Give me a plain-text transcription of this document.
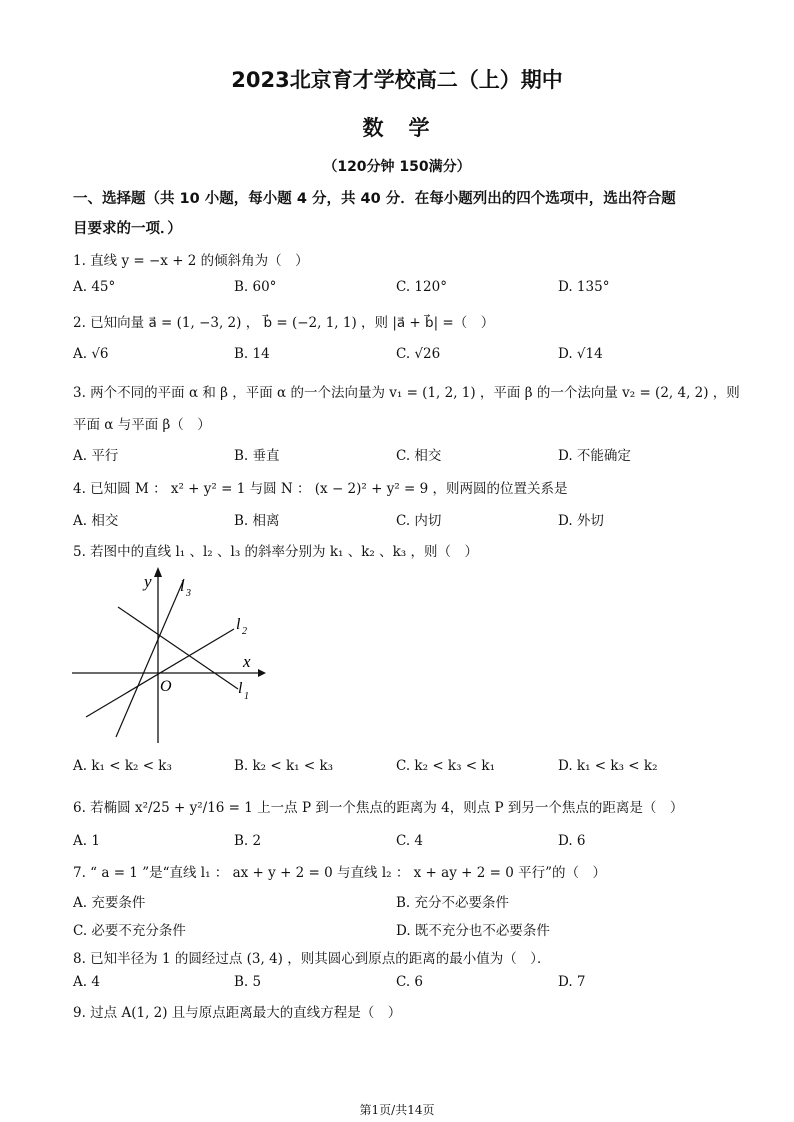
2023北京育才学校高二（上）期中
数　学
（120分钟 150满分）
一、选择题（共 10 小题，每小题 4 分，共 40 分．在每小题列出的四个选项中，选出符合题
目要求的一项．）
1. 直线 y = −x + 2 的倾斜角为（　）
A. 45°	B. 60°	C. 120°	D. 135°
2. 已知向量 a⃗ = (1, −3, 2) ， b⃗ = (−2, 1, 1) ，则 |a⃗ + b⃗| =（　）
A. √6	B. 14	C. √26	D. √14
3. 两个不同的平面 α 和 β ，平面 α 的一个法向量为 v₁ = (1, 2, 1) ，平面 β 的一个法向量 v₂ = (2, 4, 2) ，则
平面 α 与平面 β（　）
A. 平行	B. 垂直	C. 相交	D. 不能确定
4. 已知圆 M ： x² + y² = 1 与圆 N ： (x − 2)² + y² = 9 ，则两圆的位置关系是
A. 相交	B. 相离	C. 内切	D. 外切
5. 若图中的直线 l₁ 、l₂ 、l₃ 的斜率分别为 k₁ 、k₂ 、k₃ ，则（　）
y
x
O
l 3
l 2
l 1
A. k₁ < k₂ < k₃	B. k₂ < k₁ < k₃	C. k₂ < k₃ < k₁	D. k₁ < k₃ < k₂
6. 若椭圆 x²/25 + y²/16 = 1 上一点 P 到一个焦点的距离为 4，则点 P 到另一个焦点的距离是（　）
A. 1	B. 2	C. 4	D. 6
7. “ a = 1 ”是“直线 l₁ ： ax + y + 2 = 0 与直线 l₂ ： x + ay + 2 = 0 平行”的（　）
A. 充要条件	B. 充分不必要条件
C. 必要不充分条件	D. 既不充分也不必要条件
8. 已知半径为 1 的圆经过点 (3, 4) ，则其圆心到原点的距离的最小值为（　）．
A. 4	B. 5	C. 6	D. 7
9. 过点 A(1, 2) 且与原点距离最大的直线方程是（　）
第1页/共14页
